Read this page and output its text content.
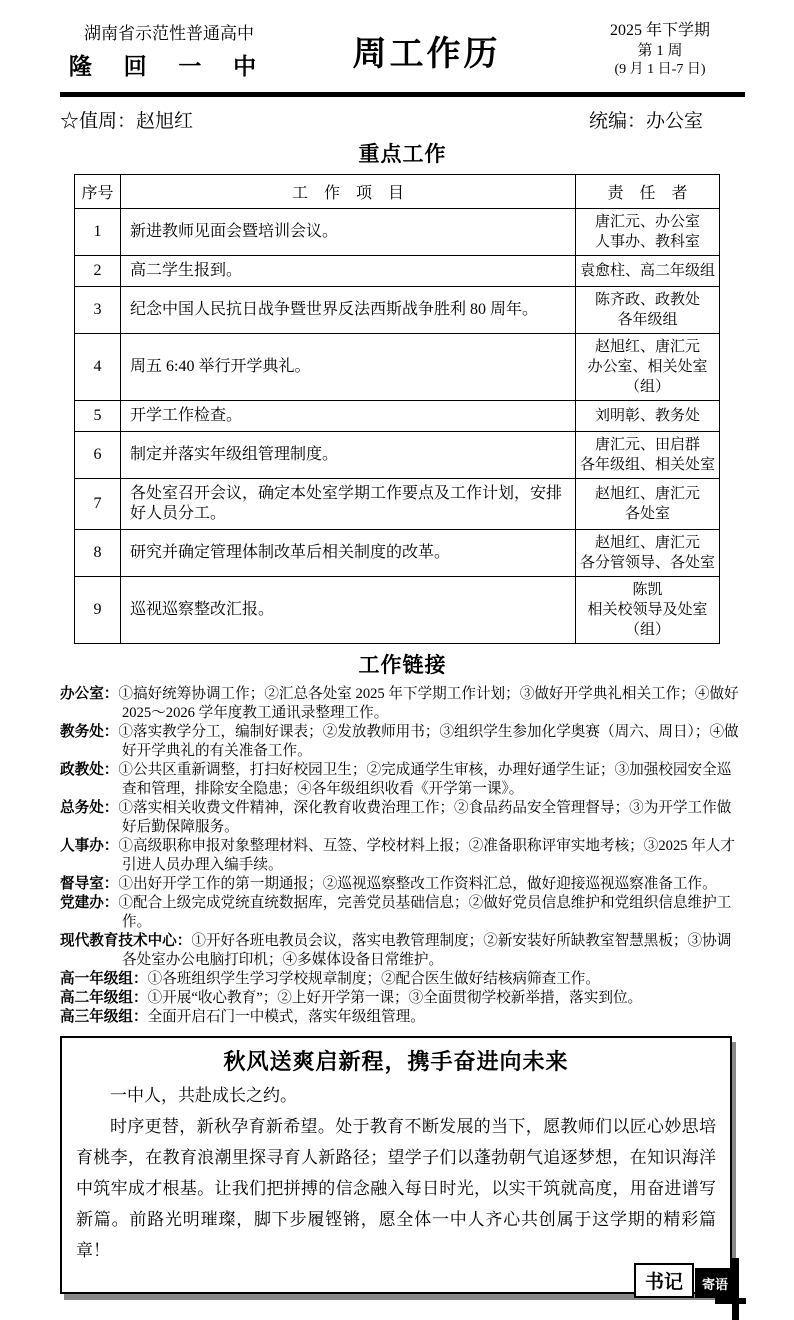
湖南省示范性普通高中
隆 回 一 中 周工作历
2025 年下学期
第 1 周
(9 月 1 日-7 日)
☆值周：赵旭红	统编：办公室
重点工作
序号	工　作　项　目	责　任　者
1	新进教师见面会暨培训会议。	唐汇元、办公室
人事办、教科室

2	高二学生报到。	袁愈柱、高二年级组

3	纪念中国人民抗日战争暨世界反法西斯战争胜利 80 周年。	陈齐政、政教处
各年级组

4	周五 6:40 举行开学典礼。	赵旭红、唐汇元
办公室、相关处室（组）

5	开学工作检查。	刘明彰、教务处

6	制定并落实年级组管理制度。	唐汇元、田启群
各年级组、相关处室

7	各处室召开会议，确定本处室学期工作要点及工作计划，安排好人员分工。	赵旭红、唐汇元
各处室

8	研究并确定管理体制改革后相关制度的改革。	赵旭红、唐汇元
各分管领导、各处室

9	巡视巡察整改汇报。	陈凯
相关校领导及处室（组）
工作链接
办公室：①搞好统筹协调工作；②汇总各处室 2025 年下学期工作计划；③做好开学典礼相关工作；④做好 2025～2026 学年度教工通讯录整理工作。
教务处：①落实教学分工，编制好课表；②发放教师用书；③组织学生参加化学奥赛（周六、周日）；④做好开学典礼的有关准备工作。
政教处：①公共区重新调整，打扫好校园卫生；②完成通学生审核，办理好通学生证；③加强校园安全巡查和管理，排除安全隐患；④各年级组织收看《开学第一课》。
总务处：①落实相关收费文件精神，深化教育收费治理工作；②食品药品安全管理督导；③为开学工作做好后勤保障服务。
人事办：①高级职称申报对象整理材料、互签、学校材料上报；②准备职称评审实地考核；③2025 年人才引进人员办理入编手续。
督导室：①出好开学工作的第一期通报；②巡视巡察整改工作资料汇总，做好迎接巡视巡察准备工作。
党建办：①配合上级完成党统直统数据库，完善党员基础信息；②做好党员信息维护和党组织信息维护工作。
现代教育技术中心：①开好各班电教员会议，落实电教管理制度；②新安装好所缺教室智慧黑板；③协调各处室办公电脑打印机；④多媒体设备日常维护。
高一年级组：①各班组织学生学习学校规章制度；②配合医生做好结核病筛查工作。
高二年级组：①开展“收心教育”；②上好开学第一课；③全面贯彻学校新举措，落实到位。
高三年级组：全面开启石门一中模式，落实年级组管理。
秋风送爽启新程，携手奋进向未来

一中人，共赴成长之约。

时序更替，新秋孕育新希望。处于教育不断发展的当下，愿教师们以匠心妙思培育桃李，在教育浪潮里探寻育人新路径；望学子们以蓬勃朝气追逐梦想，在知识海洋中筑牢成才根基。让我们把拼搏的信念融入每日时光，以实干筑就高度，用奋进谱写新篇。前路光明璀璨，脚下步履铿锵，愿全体一中人齐心共创属于这学期的精彩篇章！

书记	寄语
